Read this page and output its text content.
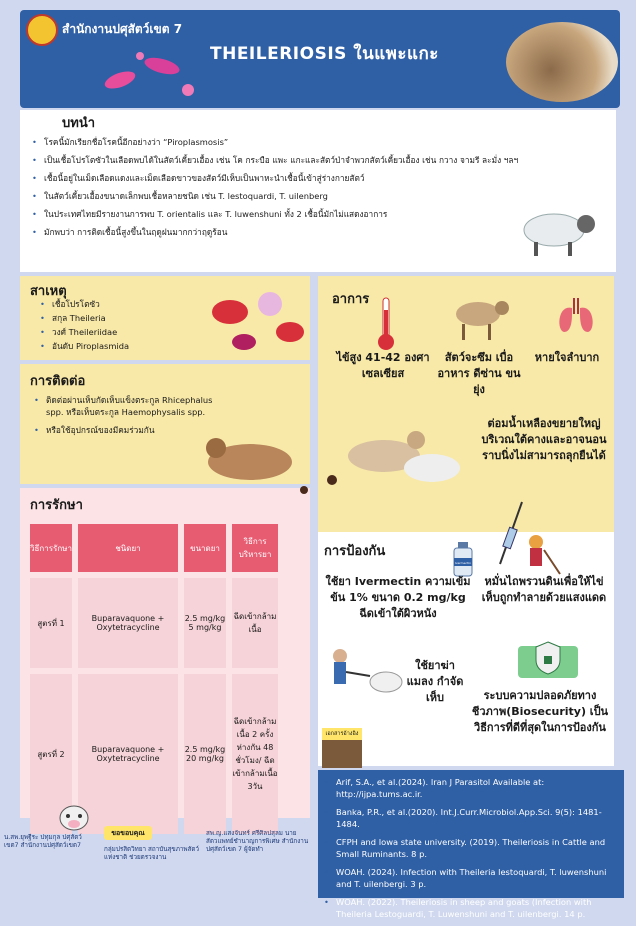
สำนักงานปศุสัตว์เขต 7
THEILERIOSIS ในแพะแกะ
บทนำ
• โรคนี้มักเรียกชื่อโรคนี้อีกอย่างว่า “Piroplasmosis”
• เป็นเชื้อโปรโตซัวในเลือดพบได้ในสัตว์เคี้ยวเอื้อง เช่น โค กระบือ แพะ แกะและสัตว์ป่าจำพวกสัตว์เคี้ยวเอื้อง เช่น กวาง จามรี ละมั่ง ฯลฯ
• เชื้อนี้อยู่ในเม็ดเลือดแดงและเม็ดเลือดขาวของสัตว์มีเห็บเป็นพาหะนำเชื้อนี้เข้าสู่ร่างกายสัตว์
• ในสัตว์เคี้ยวเอื้องขนาดเล็กพบเชื้อหลายชนิด เช่น T. lestoquardi, T. uilenberg
• ในประเทศไทยมีรายงานการพบ T. orientalis และ T. luwenshuni ทั้ง 2 เชื้อนี้มักไม่แสดงอาการ
• มักพบว่า การติดเชื้อนี้สูงขึ้นในฤดูฝนมากกว่าฤดูร้อน
สาเหตุ
• เชื้อโปรโตซัว
• สกุล Theileria
• วงศ์ Theileriidae
• อันดับ Piroplasmida
การติดต่อ
• ติดต่อผ่านเห็บกัดเห็บแข็งตระกูล Rhicephalus spp. หรือเห็บตระกูล Haemophysalis spp.
• หรือใช้อุปกรณ์ของมีคมร่วมกัน
การรักษา
วิธีการรักษา	ชนิดยา	ขนาดยา	วิธีการบริหารยา
สูตรที่ 1	Buparavaquone + Oxytetracycline	2.5 mg/kg 5 mg/kg	ฉีดเข้ากล้ามเนื้อ
สูตรที่ 2	Buparavaquone + Oxytetracycline	2.5 mg/kg 20 mg/kg	ฉีดเข้ากล้ามเนื้อ 2 ครั้ง ห่างกัน 48 ชั่วโมง/ ฉีดเข้ากล้ามเนื้อ 3วัน
อาการ
ไข้สูง 41-42 องศาเซลเซียส
สัตว์จะซึม เบื่ออาหาร ดีซ่าน ขนยุ่ง
หายใจลำบาก
ต่อมน้ำเหลืองขยายใหญ่ บริเวณใต้คางและอาจนอนราบนิ่งไม่สามารถลุกยืนได้
การป้องกัน
Ivermectin
ใช้ยา Ivermectin ความเข้มข้น 1% ขนาด 0.2 mg/kg ฉีดเข้าใต้ผิวหนัง
หมั่นไถพรวนดินเพื่อให้ไข่เห็บถูกทำลายด้วยแสงแดด
ใช้ยาฆ่าแมลง กำจัดเห็บ	ระบบความปลอดภัยทางชีวภาพ(Biosecurity) เป็นวิธีการที่ดีที่สุดในการป้องกัน
เอกสารอ้างอิง
• Arif, S.A., et al.(2024). Iran J Parasitol Available at: http://ijpa.tums.ac.ir.
• Banka, P.R., et al.(2020). Int.J.Curr.Microbiol.App.Sci. 9(5): 1481-1484.
• CFPH and Iowa state university. (2019). Theileriosis in Cattle and Small Ruminants. 8 p.
• WOAH. (2024). Infection with Theileria lestoquardi, T. luwenshuni and T. uilenbergi. 3 p.
• WOAH. (2022). Theileriosis in sheep and goats (Infection with Theileria Lestoguardi, T. Luwenshuni and T. uilenbergi. 14 p.
น.สพ.ยุพฐีระ ปทุมกุล ปศุสัตว์เขต7 สำนักงานปศุสัตว์เขต7
ขอขอบคุณ
กลุ่มปรสิตวิทยา สถาบันสุขภาพสัตว์แห่งชาติ ช่วยตรวจงาน
สพ.ญ.แสงจันทร์ ศรีศิลปสุลม นายสัตวแพทย์ชำนาญการพิเศษ สำนักงานปศุสัตว์เขต 7 ผู้จัดทำ
